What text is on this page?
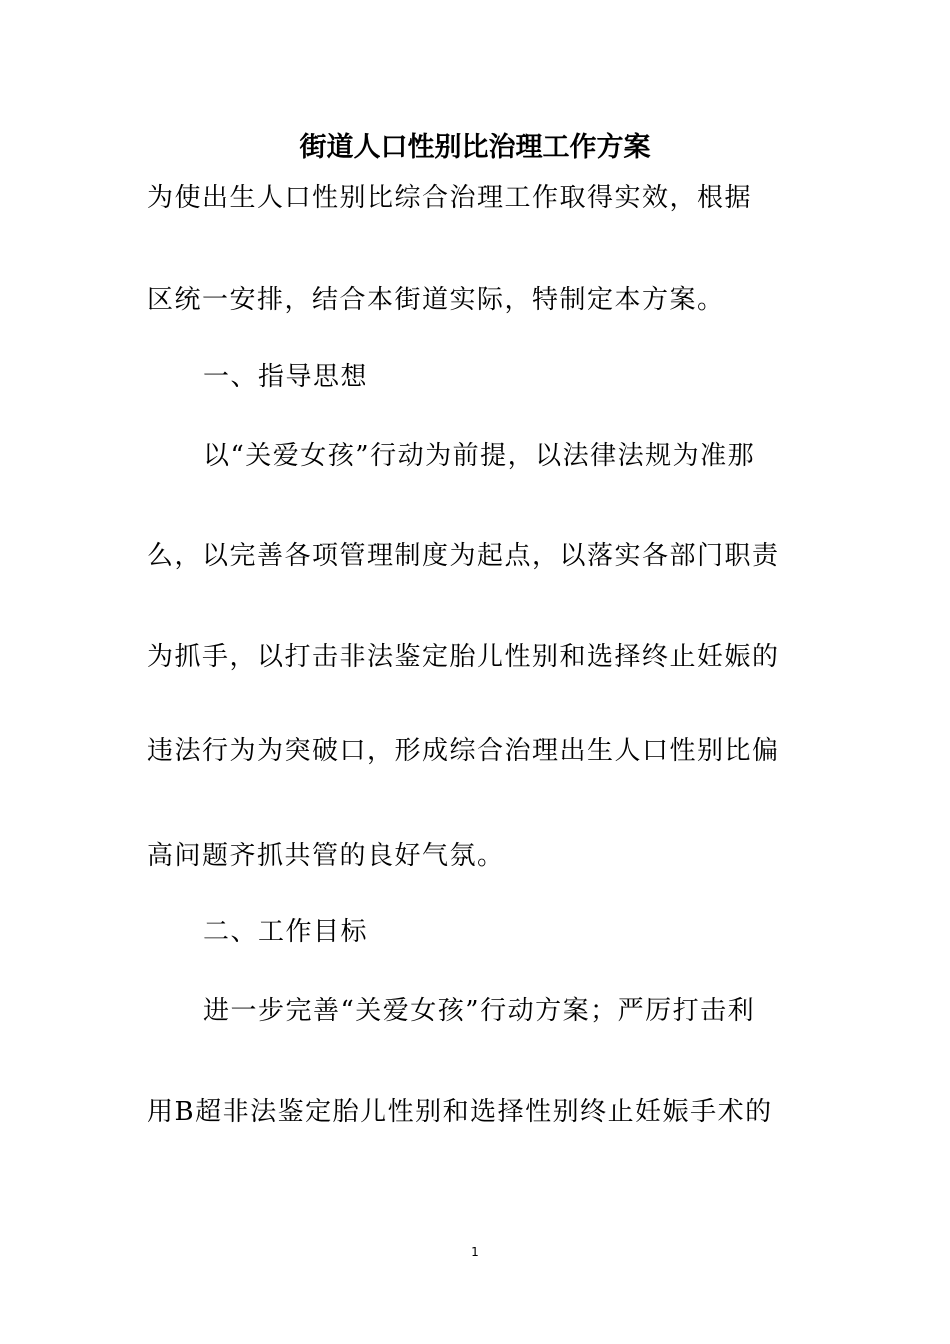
街道人口性别比治理工作方案
为使出生人口性别比综合治理工作取得实效，根据
区统一安排，结合本街道实际，特制定本方案。
一、指导思想
以“关爱女孩”行动为前提，以法律法规为准那
么，以完善各项管理制度为起点，以落实各部门职责
为抓手，以打击非法鉴定胎儿性别和选择终止妊娠的
违法行为为突破口，形成综合治理出生人口性别比偏
高问题齐抓共管的良好气氛。
二、工作目标
进一步完善“关爱女孩”行动方案；严厉打击利
用B超非法鉴定胎儿性别和选择性别终止妊娠手术的
1
